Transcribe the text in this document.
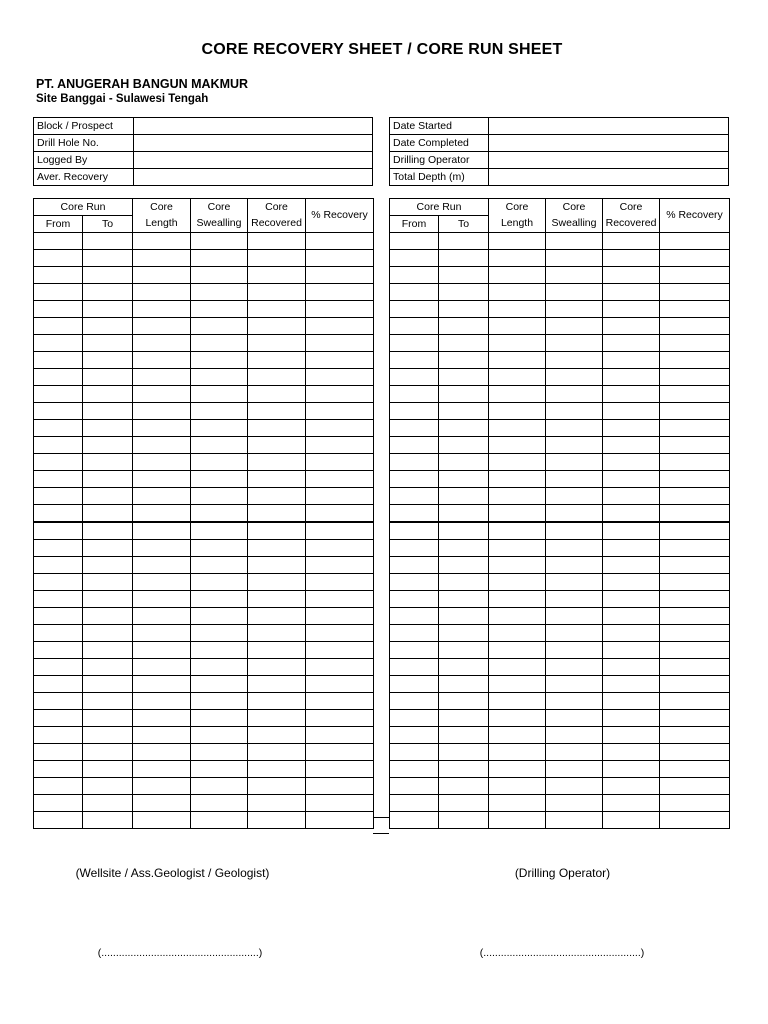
CORE RECOVERY SHEET / CORE RUN SHEET
PT. ANUGERAH BANGUN MAKMUR
Site Banggai - Sulawesi Tengah
Block / Prospect	
Drill Hole No.	
Logged By	
Aver. Recovery	
Date Started	
Date Completed	
Drilling Operator	
Total Depth (m)	
Core Run		Core	Core	Core	% Recovery
From	To	Length	Swealling	Recovered	

Core Run		Core	Core	Core	% Recovery
From	To	Length	Swealling	Recovered	

(Wellsite / Ass.Geologist / Geologist)	(Drilling Operator)
(......................................................)	(......................................................)
